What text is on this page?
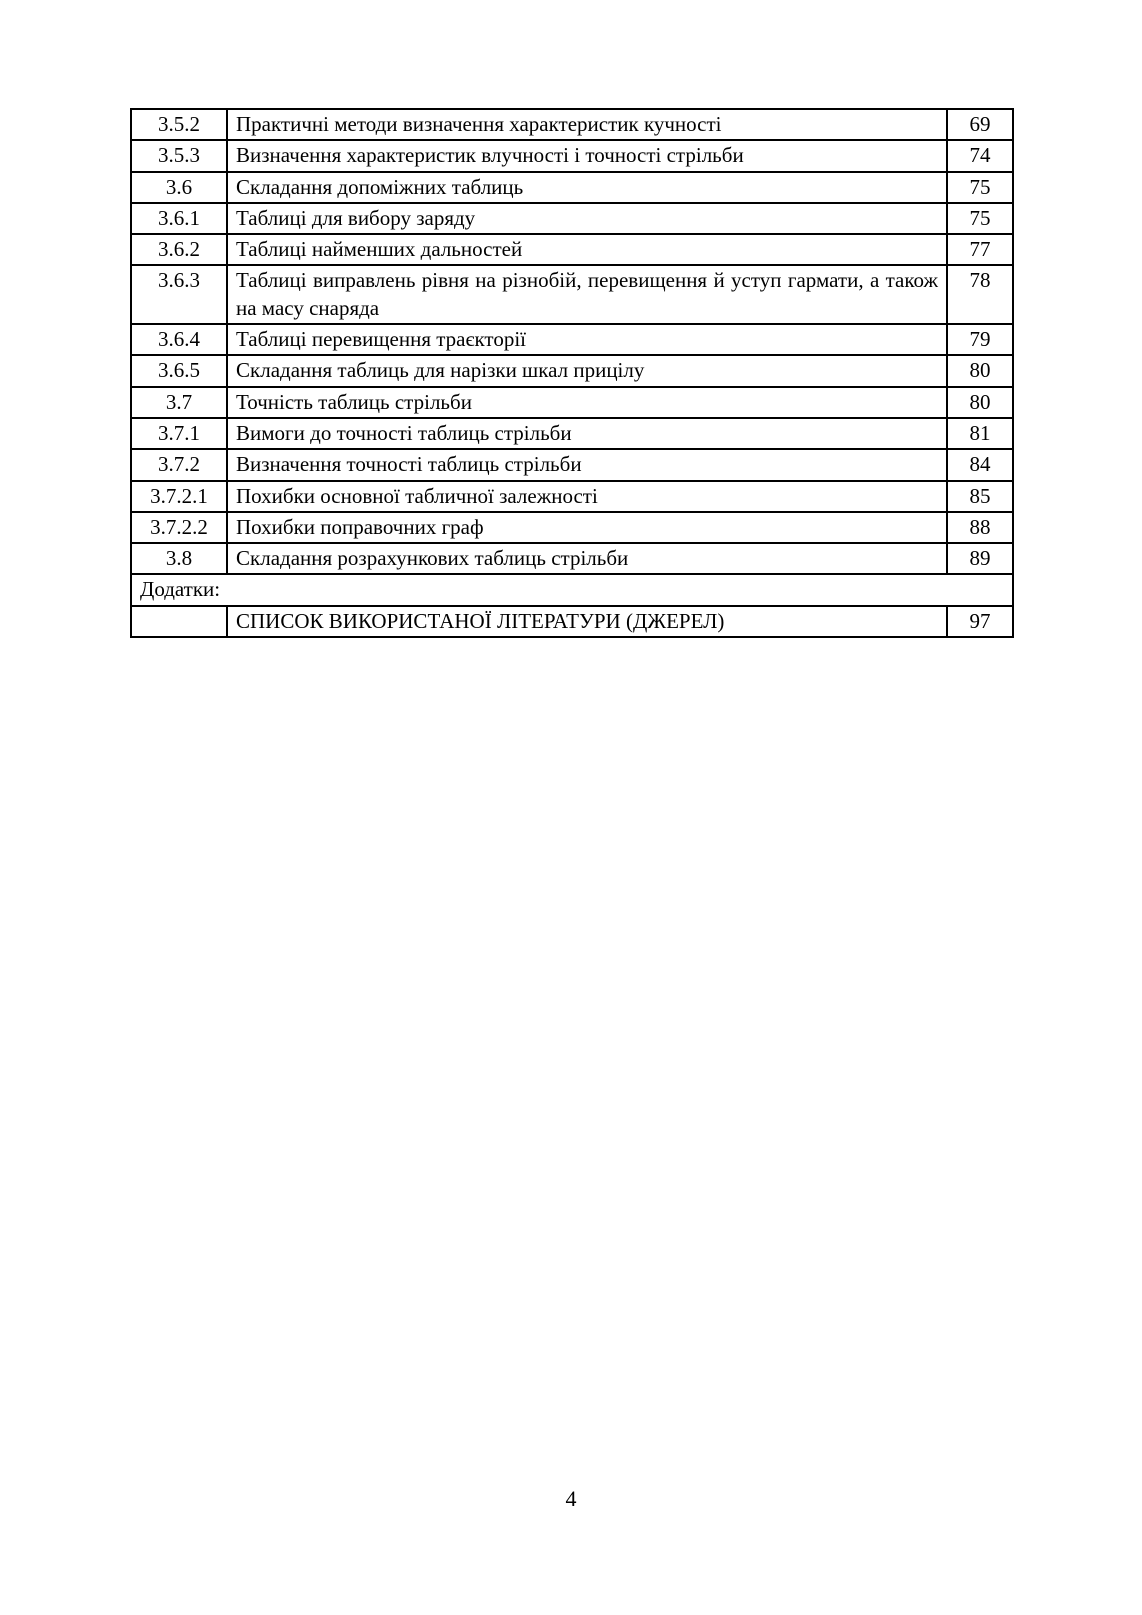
3.5.2	Практичні методи визначення характеристик кучності	69
3.5.3	Визначення характеристик влучності і точності стрільби	74
3.6	Складання допоміжних таблиць	75
3.6.1	Таблиці для вибору заряду	75
3.6.2	Таблиці найменших дальностей	77
3.6.3	Таблиці виправлень рівня на різнобій, перевищення й уступ гармати, а також на масу снаряда	78
3.6.4	Таблиці перевищення траєкторії	79
3.6.5	Складання таблиць для нарізки шкал прицілу	80
3.7	Точність таблиць стрільби	80
3.7.1	Вимоги до точності таблиць стрільби	81
3.7.2	Визначення точності таблиць стрільби	84
3.7.2.1	Похибки основної табличної залежності	85
3.7.2.2	Похибки поправочних граф	88
3.8	Складання розрахункових таблиць стрільби	89
Додатки:		
	СПИСОК ВИКОРИСТАНОЇ ЛІТЕРАТУРИ (ДЖЕРЕЛ)	97
4
